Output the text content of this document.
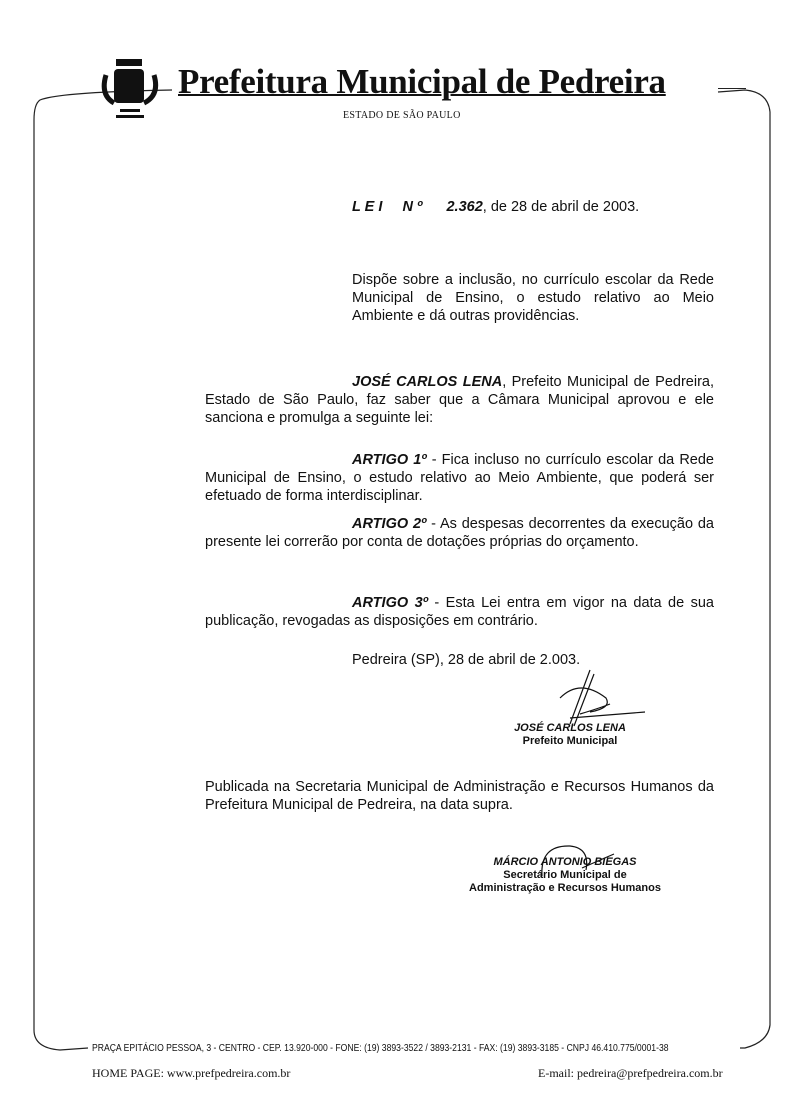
Prefeitura Municipal de Pedreira
ESTADO DE SÃO PAULO
L E I N º 2.362, de 28 de abril de 2003.
Dispõe sobre a inclusão, no currículo escolar da Rede Municipal de Ensino, o estudo relativo ao Meio Ambiente e dá outras providências.
JOSÉ CARLOS LENA, Prefeito Municipal de Pedreira, Estado de São Paulo, faz saber que a Câmara Municipal aprovou e ele sanciona e promulga a seguinte lei:
ARTIGO 1º - Fica incluso no currículo escolar da Rede Municipal de Ensino, o estudo relativo ao Meio Ambiente, que poderá ser efetuado de forma interdisciplinar.
ARTIGO 2º - As despesas decorrentes da execução da presente lei correrão por conta de dotações próprias do orçamento.
ARTIGO 3º - Esta Lei entra em vigor na data de sua publicação, revogadas as disposições em contrário.
Pedreira (SP), 28 de abril de 2.003.
JOSÉ CARLOS LENA
Prefeito Municipal
Publicada na Secretaria Municipal de Administração e Recursos Humanos da Prefeitura Municipal de Pedreira, na data supra.
MÁRCIO ANTONIO BIEGAS
Secretário Municipal de
Administração e Recursos Humanos
PRAÇA EPITÁCIO PESSOA, 3 - CENTRO - CEP. 13.920-000 - FONE: (19) 3893-3522 / 3893-2131 - FAX: (19) 3893-3185 - CNPJ 46.410.775/0001-38
HOME PAGE: www.prefpedreira.com.br	E-mail: pedreira@prefpedreira.com.br
